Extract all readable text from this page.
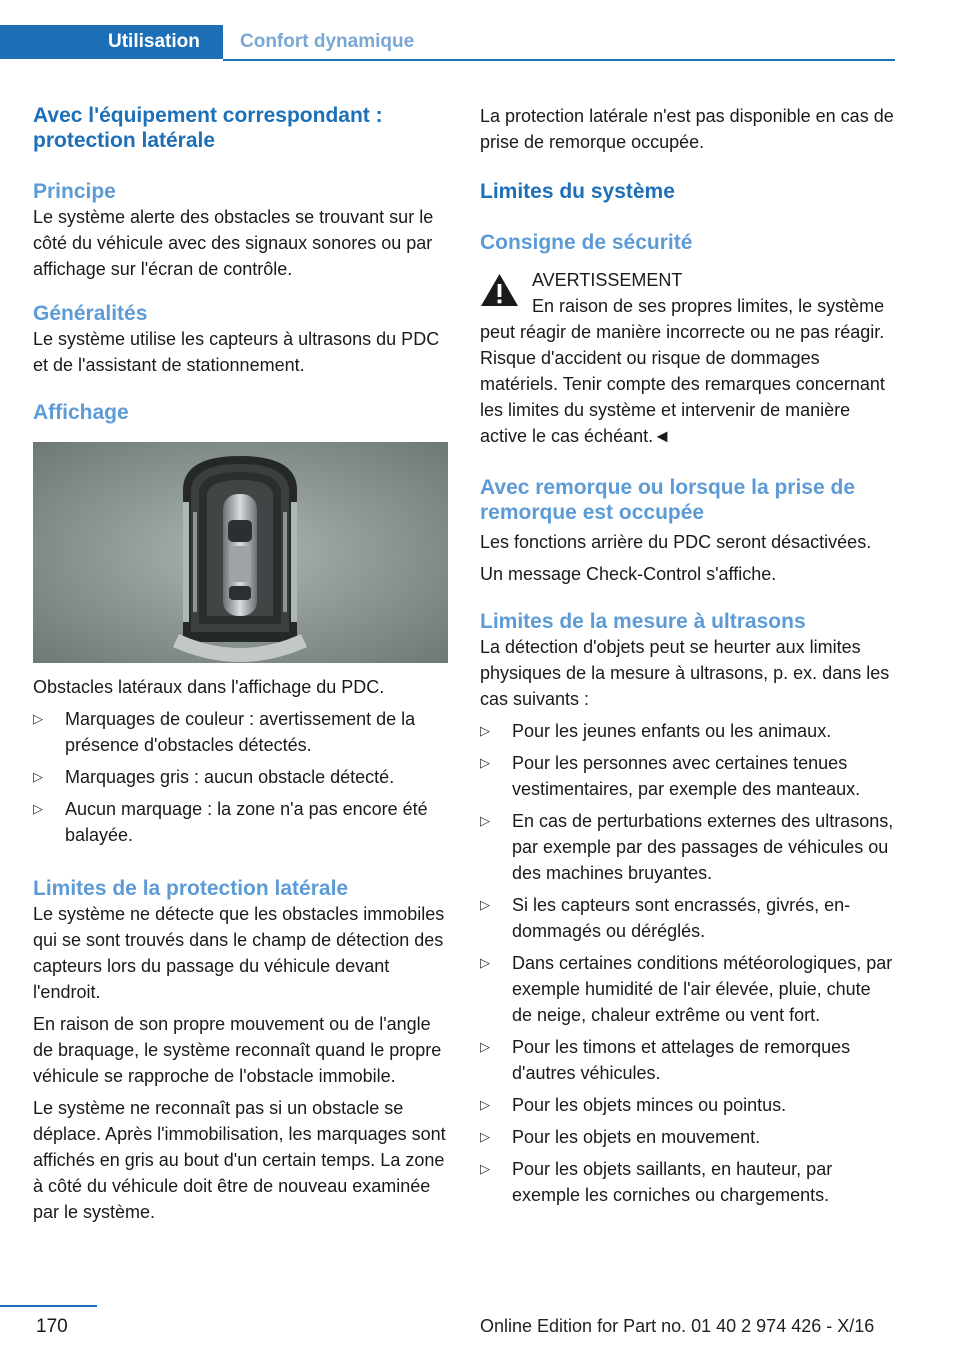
Utilisation	Confort dynamique
Avec l'équipement correspondant : protection latérale
Principe

Le système alerte des obstacles se trouvant sur le côté du véhicule avec des signaux sonores ou par affichage sur l'écran de contrôle.

Généralités

Le système utilise les capteurs à ultrasons du PDC et de l'assistant de stationnement.

Affichage

Obstacles latéraux dans l'affichage du PDC.

▷ Marquages de couleur : avertissement de la présence d'obstacles détectés.
▷ Marquages gris : aucun obstacle détecté.
▷ Aucun marquage : la zone n'a pas encore été balayée.
Limites de la protection latérale

Le système ne détecte que les obstacles immobiles qui se sont trouvés dans le champ de détection des capteurs lors du passage du véhicule devant l'endroit.

En raison de son propre mouvement ou de l'angle de braquage, le système reconnaît quand le propre véhicule se rapproche de l'obstacle immobile.

Le système ne reconnaît pas si un obstacle se déplace. Après l'immobilisation, les marquages sont affichés en gris au bout d'un certain temps. La zone à côté du véhicule doit être de nouveau examinée par le système.

La protection latérale n'est pas disponible en cas de prise de remorque occupée.

Limites du système
Consigne de sécurité

AVERTISSEMENT

En raison de ses propres limites, le système peut réagir de manière incorrecte ou ne pas réagir. Risque d'accident ou risque de dommages matériels. Tenir compte des remarques concernant les limites du système et intervenir de manière active le cas échéant.◄

Avec remorque ou lorsque la prise de remorque est occupée

Les fonctions arrière du PDC seront désactivées.

Un message Check-Control s'affiche.

Limites de la mesure à ultrasons

La détection d'objets peut se heurter aux limites physiques de la mesure à ultrasons, p. ex. dans les cas suivants :

▷ Pour les jeunes enfants ou les animaux.
▷ Pour les personnes avec certaines tenues vestimentaires, par exemple des manteaux.
▷ En cas de perturbations externes des ultrasons, par exemple par des passages de véhicules ou des machines bruyantes.
▷ Si les capteurs sont encrassés, givrés, endommagés ou déréglés.
▷ Dans certaines conditions météorologiques, par exemple humidité de l'air élevée, pluie, chute de neige, chaleur extrême ou vent fort.
▷ Pour les timons et attelages de remorques d'autres véhicules.
▷ Pour les objets minces ou pointus.
▷ Pour les objets en mouvement.
▷ Pour les objets saillants, en hauteur, par exemple les corniches ou chargements.
170	Online Edition for Part no. 01 40 2 974 426 - X/16
